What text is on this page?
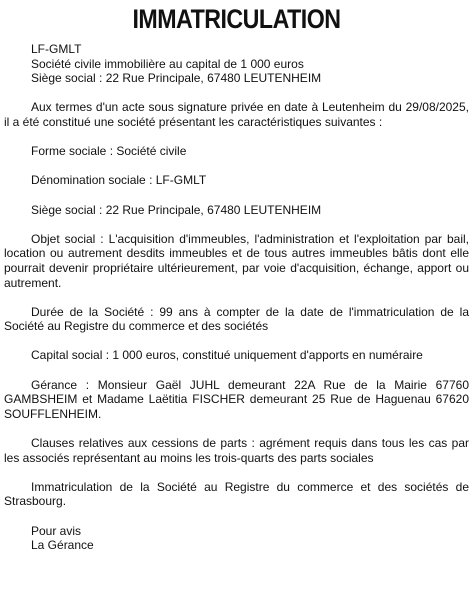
IMMATRICULATION
LF-GMLT
Société civile immobilière au capital de 1 000 euros
Siège social : 22 Rue Principale, 67480 LEUTENHEIM

Aux termes d'un acte sous signature privée en date à Leutenheim du 29/08/2025, il a été constitué une société présentant les caractéristiques suivantes :

Forme sociale : Société civile

Dénomination sociale : LF-GMLT

Siège social : 22 Rue Principale, 67480 LEUTENHEIM

Objet social : L'acquisition d'immeubles, l'administration et l'exploitation par bail, location ou autrement desdits immeubles et de tous autres immeubles bâtis dont elle pourrait devenir propriétaire ultérieurement, par voie d'acquisition, échange, apport ou autrement.

Durée de la Société : 99 ans à compter de la date de l'immatriculation de la Société au Registre du commerce et des sociétés

Capital social : 1 000 euros, constitué uniquement d'apports en numéraire

Gérance : Monsieur Gaël JUHL demeurant 22A Rue de la Mairie 67760 GAMBSHEIM et Madame Laëtitia FISCHER demeurant 25 Rue de Haguenau 67620 SOUFFLENHEIM.

Clauses relatives aux cessions de parts : agrément requis dans tous les cas par les associés représentant au moins les trois-quarts des parts sociales

Immatriculation de la Société au Registre du commerce et des sociétés de Strasbourg.

Pour avis
La Gérance
